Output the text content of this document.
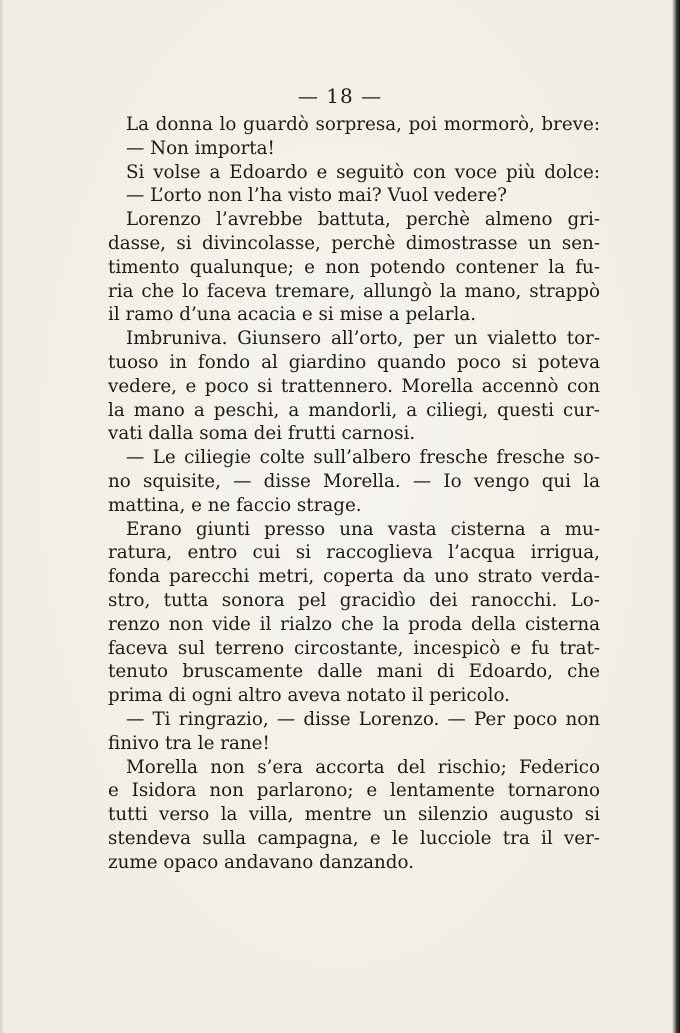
— 18 —
La donna lo guardò sorpresa, poi mormorò, breve:
— Non importa!
Si volse a Edoardo e seguitò con voce più dolce:
— L’orto non l’ha visto mai? Vuol vedere?
Lorenzo l’avrebbe battuta, perchè almeno gri-
dasse, si divincolasse, perchè dimostrasse un sen-
timento qualunque; e non potendo contener la fu-
ria che lo faceva tremare, allungò la mano, strappò
il ramo d’una acacia e si mise a pelarla.
Imbruniva. Giunsero all’orto, per un vialetto tor-
tuoso in fondo al giardino quando poco si poteva
vedere, e poco si trattennero. Morella accennò con
la mano a peschi, a mandorli, a ciliegi, questi cur-
vati dalla soma dei frutti carnosi.
— Le ciliegie colte sull’albero fresche fresche so-
no squisite, — disse Morella. — Io vengo qui la
mattina, e ne faccio strage.
Erano giunti presso una vasta cisterna a mu-
ratura, entro cui si raccoglieva l’acqua irrigua,
fonda parecchi metri, coperta da uno strato verda-
stro, tutta sonora pel gracidìo dei ranocchi. Lo-
renzo non vide il rialzo che la proda della cisterna
faceva sul terreno circostante, incespicò e fu trat-
tenuto bruscamente dalle mani di Edoardo, che
prima di ogni altro aveva notato il pericolo.
— Ti ringrazio, — disse Lorenzo. — Per poco non
finivo tra le rane!
Morella non s’era accorta del rischio; Federico
e Isidora non parlarono; e lentamente tornarono
tutti verso la villa, mentre un silenzio augusto si
stendeva sulla campagna, e le lucciole tra il ver-
zume opaco andavano danzando.
